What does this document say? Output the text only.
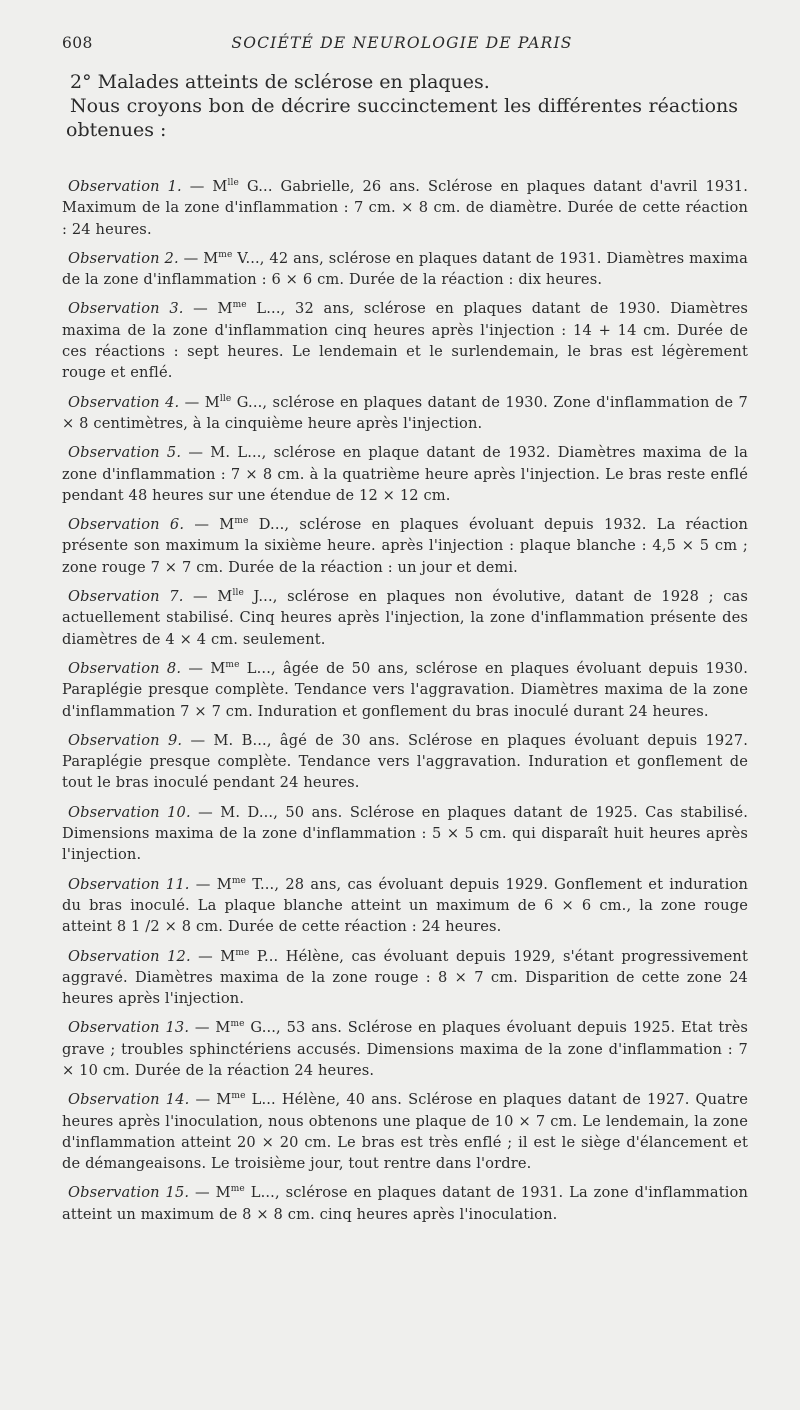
608	SOCIÉTÉ DE NEUROLOGIE DE PARIS

2° Malades atteints de sclérose en plaques.

Nous croyons bon de décrire succinctement les différentes réactions obtenues :

Observation 1. — $M^{lle}$ G... Gabrielle, 26 ans. Sclérose en plaques datant d'avril 1931. Maximum de la zone d'inflammation : 7 cm. × 8 cm. de diamètre. Durée de cette réaction : 24 heures.

Observation 2. — $M^{me}$ V..., 42 ans, sclérose en plaques datant de 1931. Diamètres maxima de la zone d'inflammation : 6 × 6 cm. Durée de la réaction : dix heures.

Observation 3. — $M^{me}$ L..., 32 ans, sclérose en plaques datant de 1930. Diamètres maxima de la zone d'inflammation cinq heures après l'injection : 14 + 14 cm. Durée de ces réactions : sept heures. Le lendemain et le surlendemain, le bras est légèrement rouge et enflé.

Observation 4. — $M^{lle}$ G..., sclérose en plaques datant de 1930. Zone d'inflammation de 7 × 8 centimètres, à la cinquième heure après l'injection.

Observation 5. — M. L..., sclérose en plaque datant de 1932. Diamètres maxima de la zone d'inflammation : 7 × 8 cm. à la quatrième heure après l'injection. Le bras reste enflé pendant 48 heures sur une étendue de 12 × 12 cm.

Observation 6. — $M^{me}$ D..., sclérose en plaques évoluant depuis 1932. La réaction présente son maximum la sixième heure. après l'injection : plaque blanche : 4,5 × 5 cm ; zone rouge 7 × 7 cm. Durée de la réaction : un jour et demi.

Observation 7. — $M^{lle}$ J..., sclérose en plaques non évolutive, datant de 1928 ; cas actuellement stabilisé. Cinq heures après l'injection, la zone d'inflammation présente des diamètres de 4 × 4 cm. seulement.

Observation 8. — $M^{me}$ L..., âgée de 50 ans, sclérose en plaques évoluant depuis 1930. Paraplégie presque complète. Tendance vers l'aggravation. Diamètres maxima de la zone d'inflammation 7 × 7 cm. Induration et gonflement du bras inoculé durant 24 heures.

Observation 9. — M. B..., âgé de 30 ans. Sclérose en plaques évoluant depuis 1927. Paraplégie presque complète. Tendance vers l'aggravation. Induration et gonflement de tout le bras inoculé pendant 24 heures.

Observation 10. — M. D..., 50 ans. Sclérose en plaques datant de 1925. Cas stabilisé. Dimensions maxima de la zone d'inflammation : 5 × 5 cm. qui disparaît huit heures après l'injection.

Observation 11. — $M^{me}$ T..., 28 ans, cas évoluant depuis 1929. Gonflement et induration du bras inoculé. La plaque blanche atteint un maximum de 6 × 6 cm., la zone rouge atteint 8 1 /2 × 8 cm. Durée de cette réaction : 24 heures.

Observation 12. — $M^{me}$ P... Hélène, cas évoluant depuis 1929, s'étant progressivement aggravé. Diamètres maxima de la zone rouge : 8 × 7 cm. Disparition de cette zone 24 heures après l'injection.

Observation 13. — $M^{me}$ G..., 53 ans. Sclérose en plaques évoluant depuis 1925. Etat très grave ; troubles sphinctériens accusés. Dimensions maxima de la zone d'inflammation : 7 × 10 cm. Durée de la réaction 24 heures.

Observation 14. — $M^{me}$ L... Hélène, 40 ans. Sclérose en plaques datant de 1927. Quatre heures après l'inoculation, nous obtenons une plaque de 10 × 7 cm. Le lendemain, la zone d'inflammation atteint 20 × 20 cm. Le bras est très enflé ; il est le siège d'élancement et de démangeaisons. Le troisième jour, tout rentre dans l'ordre.

Observation 15. — $M^{me}$ L..., sclérose en plaques datant de 1931. La zone d'inflammation atteint un maximum de 8 × 8 cm. cinq heures après l'inoculation.
